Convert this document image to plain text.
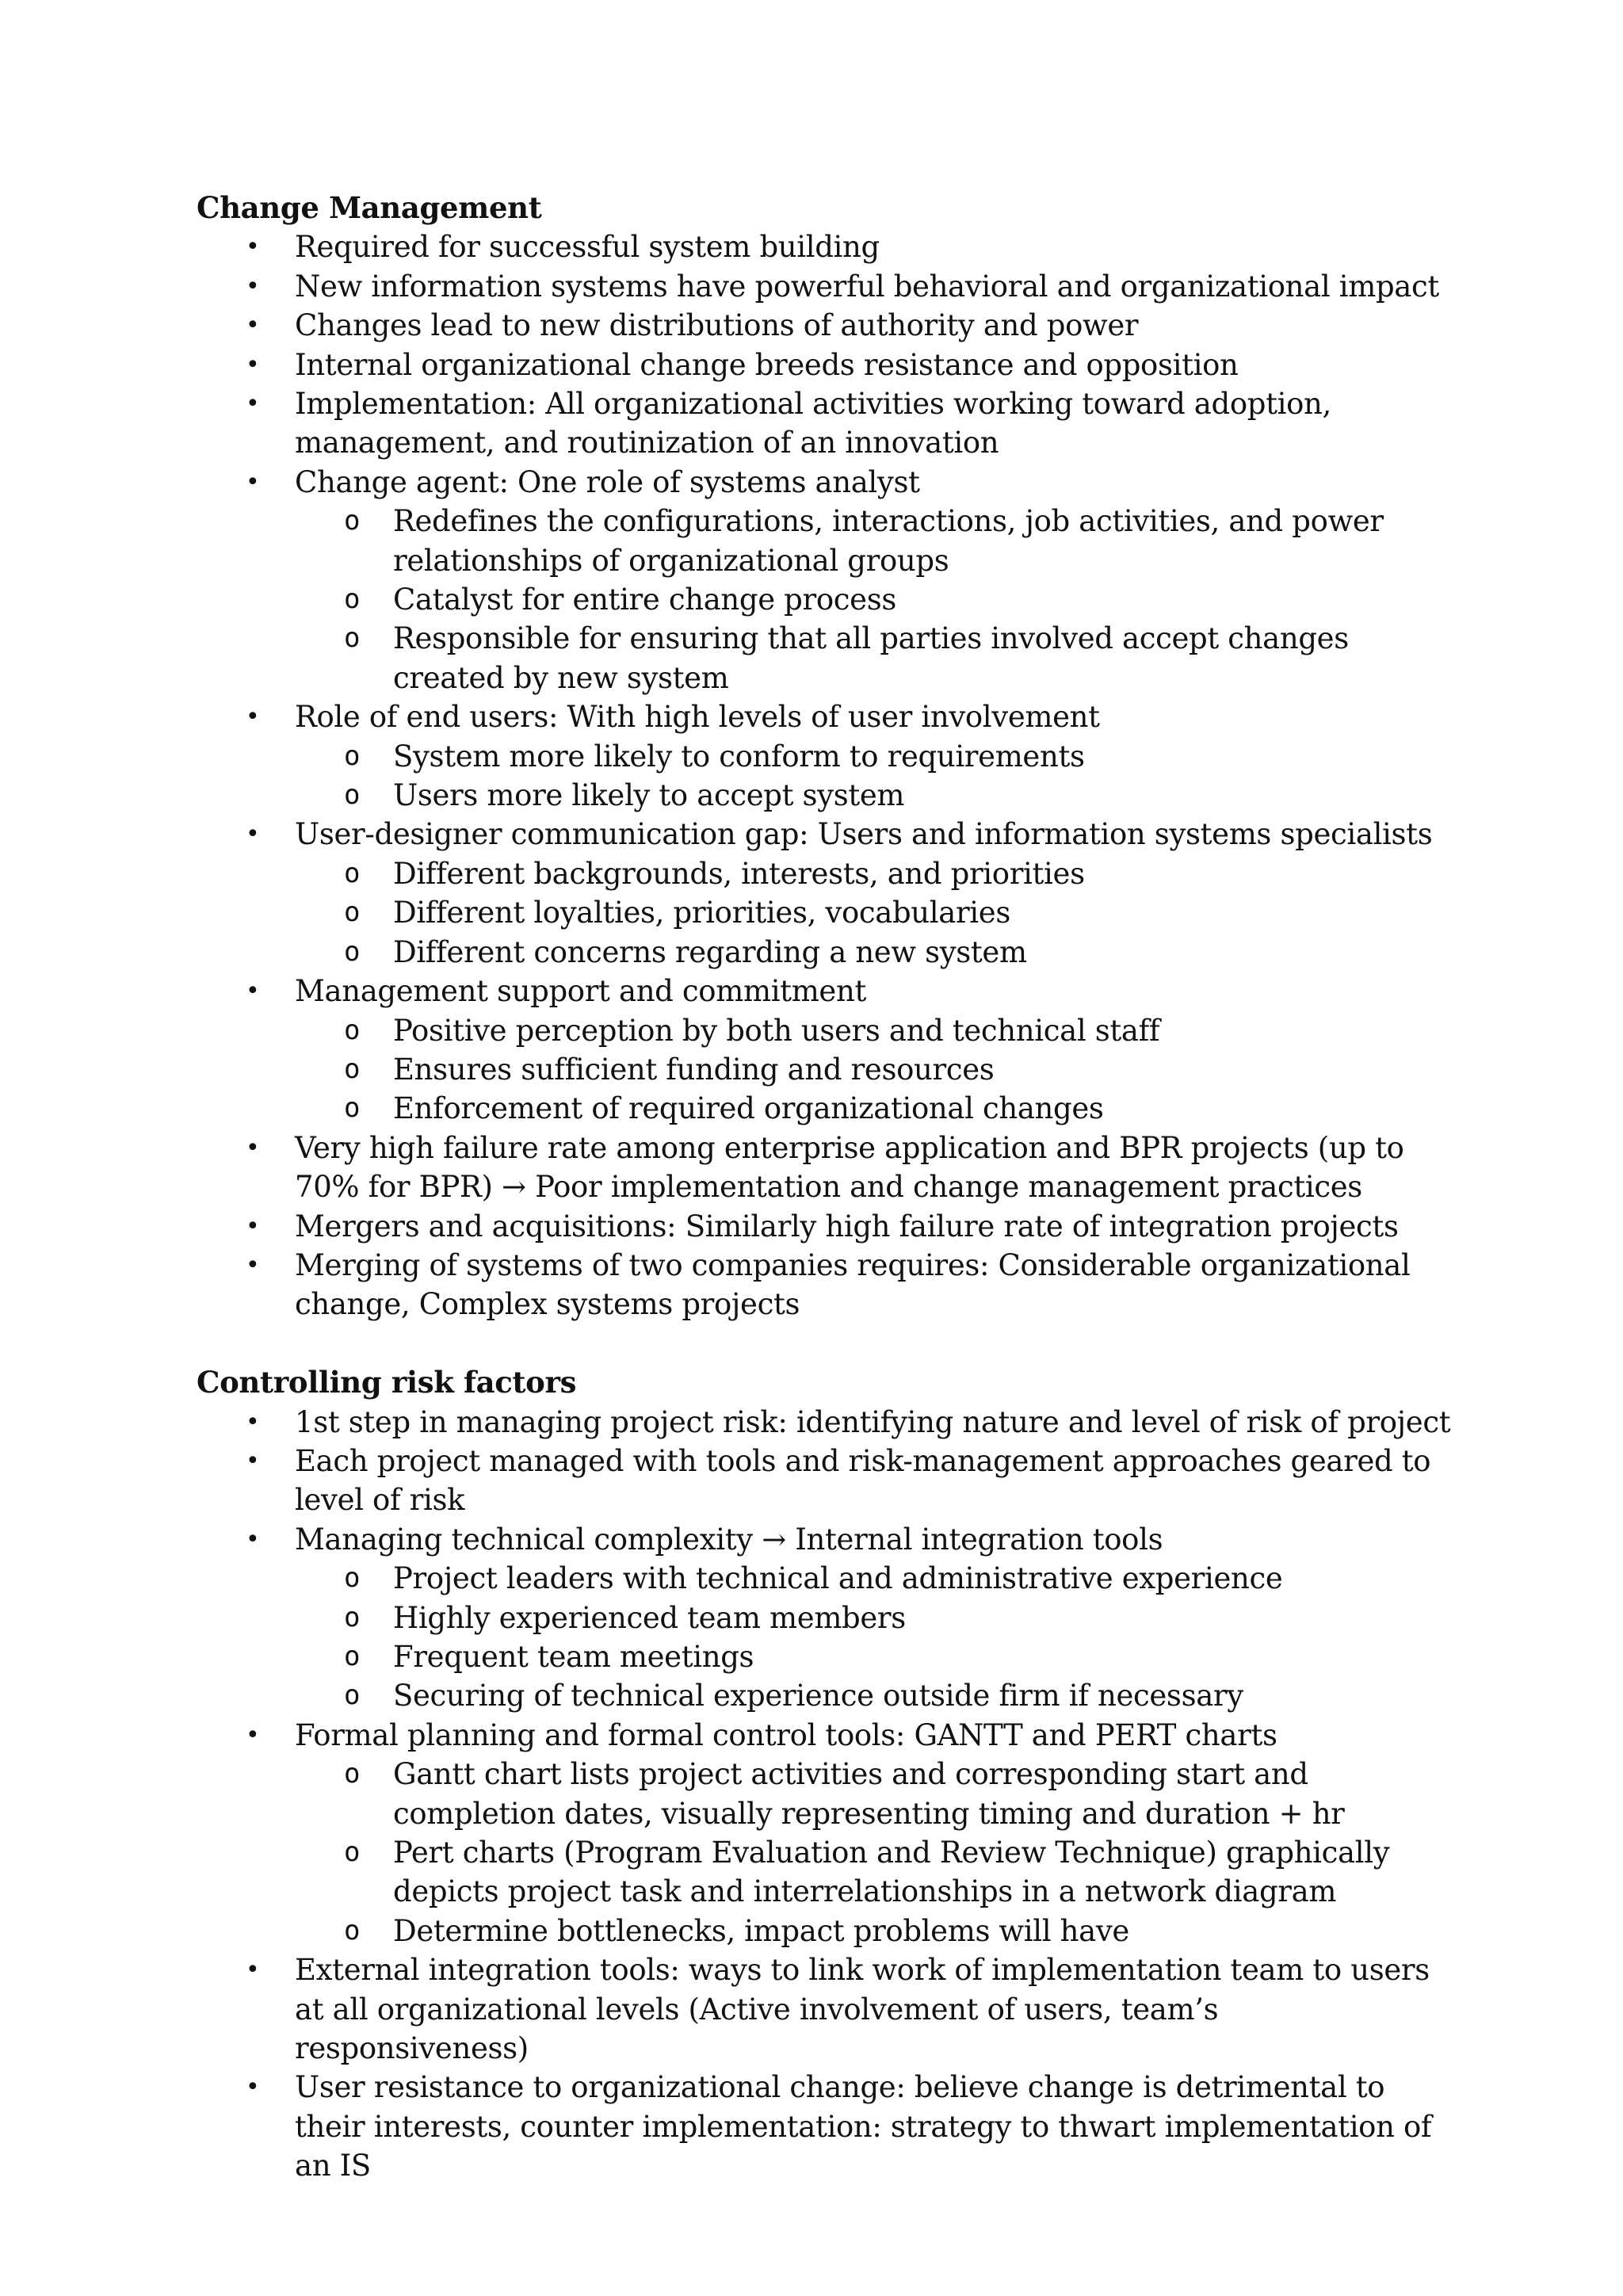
Change Management
•	Required for successful system building
•	New information systems have powerful behavioral and organizational impact
•	Changes lead to new distributions of authority and power
•	Internal organizational change breeds resistance and opposition
•	Implementation: All organizational activities working toward adoption, management, and routinization of an innovation
•	Change agent: One role of systems analyst
o Redefines the configurations, interactions, job activities, and power relationships of organizational groups
o Catalyst for entire change process
o Responsible for ensuring that all parties involved accept changes created by new system
•	Role of end users: With high levels of user involvement
o System more likely to conform to requirements
o Users more likely to accept system
•	User-designer communication gap: Users and information systems specialists
o Different backgrounds, interests, and priorities
o Different loyalties, priorities, vocabularies
o Different concerns regarding a new system
•	Management support and commitment
o Positive perception by both users and technical staff
o Ensures sufficient funding and resources
o Enforcement of required organizational changes
•	Very high failure rate among enterprise application and BPR projects (up to 70% for BPR) → Poor implementation and change management practices
•	Mergers and acquisitions: Similarly high failure rate of integration projects
•	Merging of systems of two companies requires: Considerable organizational change, Complex systems projects
Controlling risk factors
•	1st step in managing project risk: identifying nature and level of risk of project
•	Each project managed with tools and risk-management approaches geared to level of risk
•	Managing technical complexity → Internal integration tools
o Project leaders with technical and administrative experience
o Highly experienced team members
o Frequent team meetings
o Securing of technical experience outside firm if necessary
•	Formal planning and formal control tools: GANTT and PERT charts
o Gantt chart lists project activities and corresponding start and completion dates, visually representing timing and duration + hr
o Pert charts (Program Evaluation and Review Technique) graphically depicts project task and interrelationships in a network diagram
o Determine bottlenecks, impact problems will have
•	External integration tools: ways to link work of implementation team to users at all organizational levels (Active involvement of users, team’s responsiveness)
•	User resistance to organizational change: believe change is detrimental to their interests, counter implementation: strategy to thwart implementation of an IS
